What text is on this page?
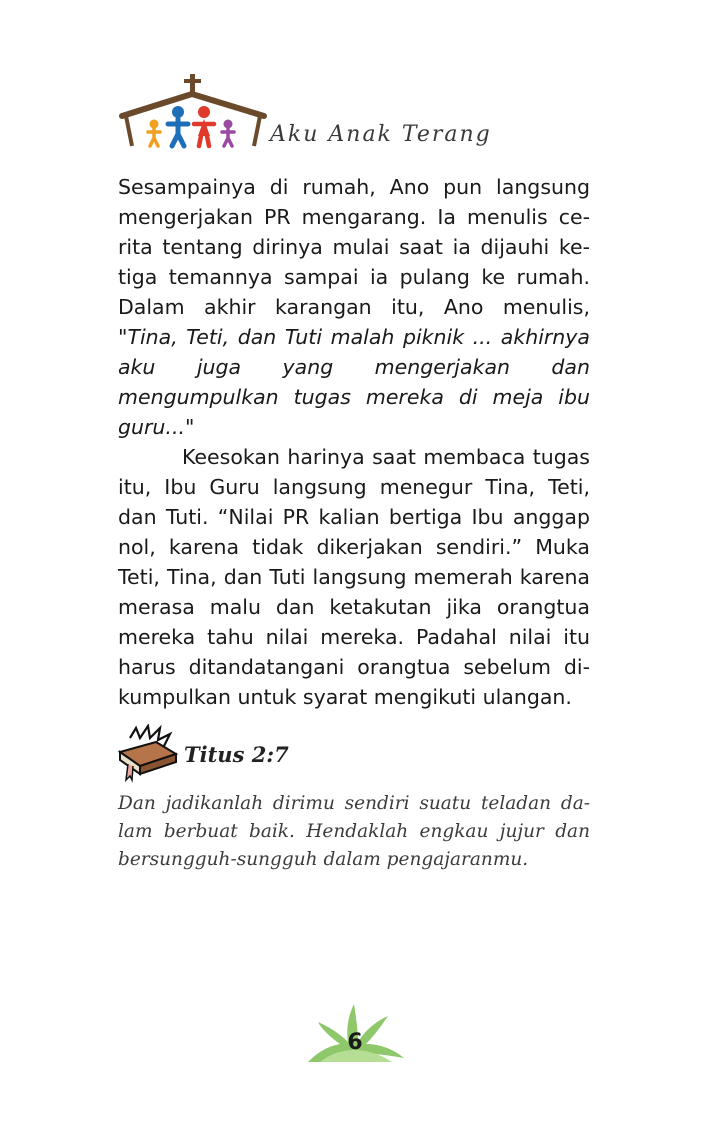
Aku Anak Terang

Sesampainya di rumah, Ano pun langsung mengerjakan PR mengarang. Ia menulis cerita tentang dirinya mulai saat ia dijauhi ketiga temannya sampai ia pulang ke rumah. Dalam akhir karangan itu, Ano menulis, "Tina, Teti, dan Tuti malah piknik ... akhirnya aku juga yang mengerjakan dan mengumpulkan tugas mereka di meja ibu guru..."

Keesokan harinya saat membaca tugas itu, Ibu Guru langsung menegur Tina, Teti, dan Tuti. “Nilai PR kalian bertiga Ibu anggap nol, karena tidak dikerjakan sendiri.” Muka Teti, Tina, dan Tuti langsung memerah karena merasa malu dan ketakutan jika orangtua mereka tahu nilai mereka. Padahal nilai itu harus ditandatangani orangtua sebelum dikumpulkan untuk syarat mengikuti ulangan.

Titus 2:7
Dan jadikanlah dirimu sendiri suatu teladan dalam berbuat baik. Hendaklah engkau jujur dan bersungguh-sungguh dalam pengajaranmu.
6
